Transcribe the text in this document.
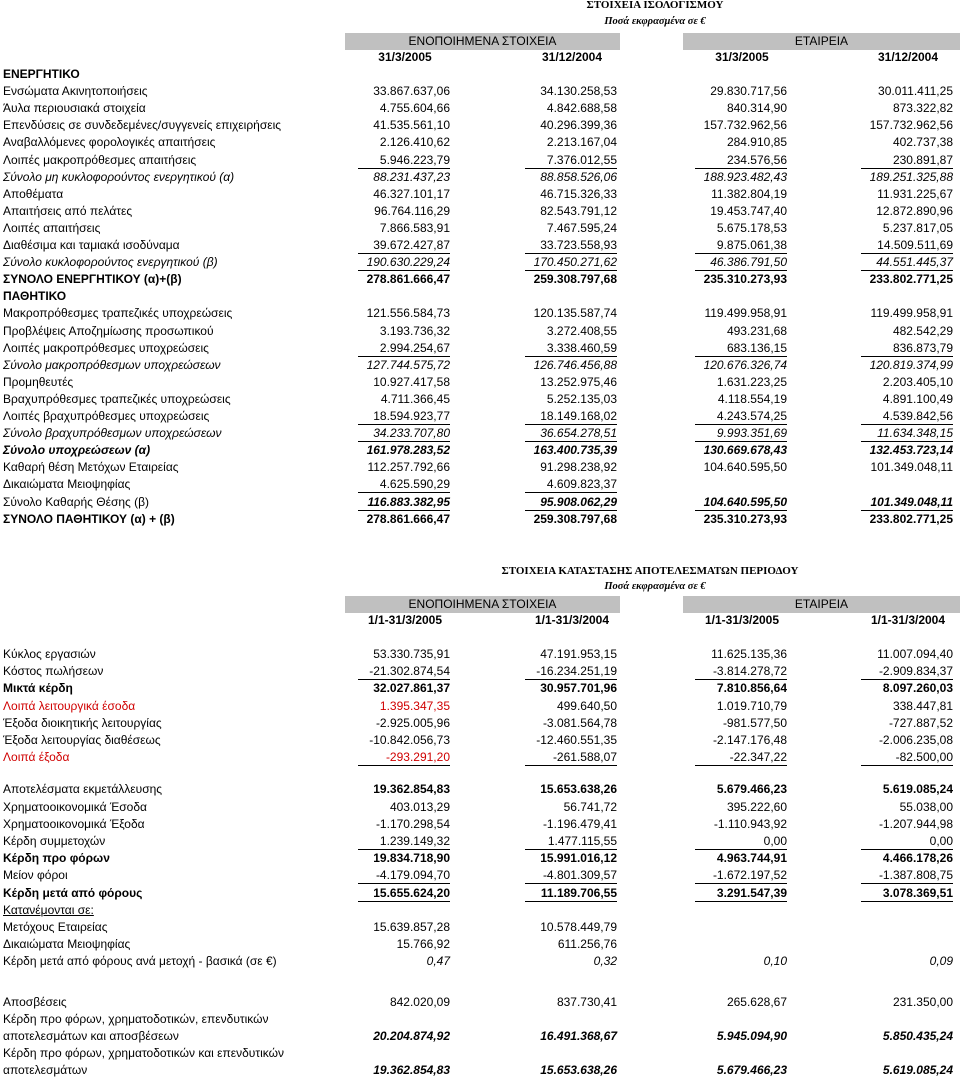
ΣΤΟΙΧΕΙΑ ΙΣΟΛΟΓΙΣΜΟΥ
Ποσά εκφρασμένα σε €
ΕΝΟΠΟΙΗΜΕΝΑ ΣΤΟΙΧΕΙΑ	ΕΤΑΙΡΕΙΑ
31/3/2005	31/12/2004	31/3/2005	31/12/2004
ΕΝΕΡΓΗΤΙΚΟ
Ενσώματα Ακινητοποιήσεις	33.867.637,06	34.130.258,53	29.830.717,56	30.011.411,25
Άυλα περιουσιακά στοιχεία	4.755.604,66	4.842.688,58	840.314,90	873.322,82
Επενδύσεις σε συνδεδεμένες/συγγενείς επιχειρήσεις	41.535.561,10	40.296.399,36	157.732.962,56	157.732.962,56
Αναβαλλόμενες φορολογικές απαιτήσεις	2.126.410,62	2.213.167,04	284.910,85	402.737,38
Λοιπές μακροπρόθεσμες απαιτήσεις	5.946.223,79	7.376.012,55	234.576,56	230.891,87
Σύνολο μη κυκλοφορούντος ενεργητικού (α)	88.231.437,23	88.858.526,06	188.923.482,43	189.251.325,88
Αποθέματα	46.327.101,17	46.715.326,33	11.382.804,19	11.931.225,67
Απαιτήσεις από πελάτες	96.764.116,29	82.543.791,12	19.453.747,40	12.872.890,96
Λοιπές απαιτήσεις	7.866.583,91	7.467.595,24	5.675.178,53	5.237.817,05
Διαθέσιμα και ταμιακά ισοδύναμα	39.672.427,87	33.723.558,93	9.875.061,38	14.509.511,69
Σύνολο κυκλοφορούντος ενεργητικού (β)	190.630.229,24	170.450.271,62	46.386.791,50	44.551.445,37
ΣΥΝΟΛΟ ΕΝΕΡΓΗΤΙΚΟΥ (α)+(β)	278.861.666,47	259.308.797,68	235.310.273,93	233.802.771,25
ΠΑΘΗΤΙΚΟ
Μακροπρόθεσμες τραπεζικές υποχρεώσεις	121.556.584,73	120.135.587,74	119.499.958,91	119.499.958,91
Προβλέψεις Αποζημίωσης προσωπικού	3.193.736,32	3.272.408,55	493.231,68	482.542,29
Λοιπές μακροπρόθεσμες υποχρεώσεις	2.994.254,67	3.338.460,59	683.136,15	836.873,79
Σύνολο μακροπρόθεσμων υποχρεώσεων	127.744.575,72	126.746.456,88	120.676.326,74	120.819.374,99
Προμηθευτές	10.927.417,58	13.252.975,46	1.631.223,25	2.203.405,10
Βραχυπρόθεσμες τραπεζικές υποχρεώσεις	4.711.366,45	5.252.135,03	4.118.554,19	4.891.100,49
Λοιπές βραχυπρόθεσμες υποχρεώσεις	18.594.923,77	18.149.168,02	4.243.574,25	4.539.842,56
Σύνολο βραχυπρόθεσμων υποχρεώσεων	34.233.707,80	36.654.278,51	9.993.351,69	11.634.348,15
Σύνολο υποχρεώσεων (α)	161.978.283,52	163.400.735,39	130.669.678,43	132.453.723,14
Καθαρή θέση Μετόχων Εταιρείας	112.257.792,66	91.298.238,92	104.640.595,50	101.349.048,11
Δικαιώματα Μειοψηφίας	4.625.590,29	4.609.823,37
Σύνολο Καθαρής Θέσης (β)	116.883.382,95	95.908.062,29	104.640.595,50	101.349.048,11
ΣΥΝΟΛΟ ΠΑΘΗΤΙΚΟΥ (α) + (β)	278.861.666,47	259.308.797,68	235.310.273,93	233.802.771,25
ΣΤΟΙΧΕΙΑ ΚΑΤΑΣΤΑΣΗΣ ΑΠΟΤΕΛΕΣΜΑΤΩΝ ΠΕΡΙΟΔΟΥ
Ποσά εκφρασμένα σε €
ΕΝΟΠΟΙΗΜΕΝΑ ΣΤΟΙΧΕΙΑ	ΕΤΑΙΡΕΙΑ
1/1-31/3/2005	1/1-31/3/2004	1/1-31/3/2005	1/1-31/3/2004
Κύκλος εργασιών	53.330.735,91	47.191.953,15	11.625.135,36	11.007.094,40
Κόστος πωλήσεων	-21.302.874,54	-16.234.251,19	-3.814.278,72	-2.909.834,37
Μικτά κέρδη	32.027.861,37	30.957.701,96	7.810.856,64	8.097.260,03
Λοιπά λειτουργικά έσοδα	1.395.347,35	499.640,50	1.019.710,79	338.447,81
Έξοδα διοικητικής λειτουργίας	-2.925.005,96	-3.081.564,78	-981.577,50	-727.887,52
Έξοδα λειτουργίας διαθέσεως	-10.842.056,73	-12.460.551,35	-2.147.176,48	-2.006.235,08
Λοιπά έξοδα	-293.291,20	-261.588,07	-22.347,22	-82.500,00
Αποτελέσματα εκμετάλλευσης	19.362.854,83	15.653.638,26	5.679.466,23	5.619.085,24
Χρηματοοικονομικά Έσοδα	403.013,29	56.741,72	395.222,60	55.038,00
Χρηματοοικονομικά Έξοδα	-1.170.298,54	-1.196.479,41	-1.110.943,92	-1.207.944,98
Κέρδη συμμετοχών	1.239.149,32	1.477.115,55	0,00	0,00
Κέρδη προ φόρων	19.834.718,90	15.991.016,12	4.963.744,91	4.466.178,26
Μείον φόροι	-4.179.094,70	-4.801.309,57	-1.672.197,52	-1.387.808,75
Κέρδη μετά από φόρους	15.655.624,20	11.189.706,55	3.291.547,39	3.078.369,51
Κατανέμονται σε:
Μετόχους Εταιρείας	15.639.857,28	10.578.449,79
Δικαιώματα Μειοψηφίας	15.766,92	611.256,76
Κέρδη μετά από φόρους ανά μετοχή - βασικά (σε €)	0,47	0,32	0,10	0,09
Αποσβέσεις	842.020,09	837.730,41	265.628,67	231.350,00
Κέρδη προ φόρων, χρηματοδοτικών, επενδυτικών
αποτελεσμάτων και αποσβέσεων	20.204.874,92	16.491.368,67	5.945.094,90	5.850.435,24
Κέρδη προ φόρων, χρηματοδοτικών και επενδυτικών
αποτελεσμάτων	19.362.854,83	15.653.638,26	5.679.466,23	5.619.085,24
